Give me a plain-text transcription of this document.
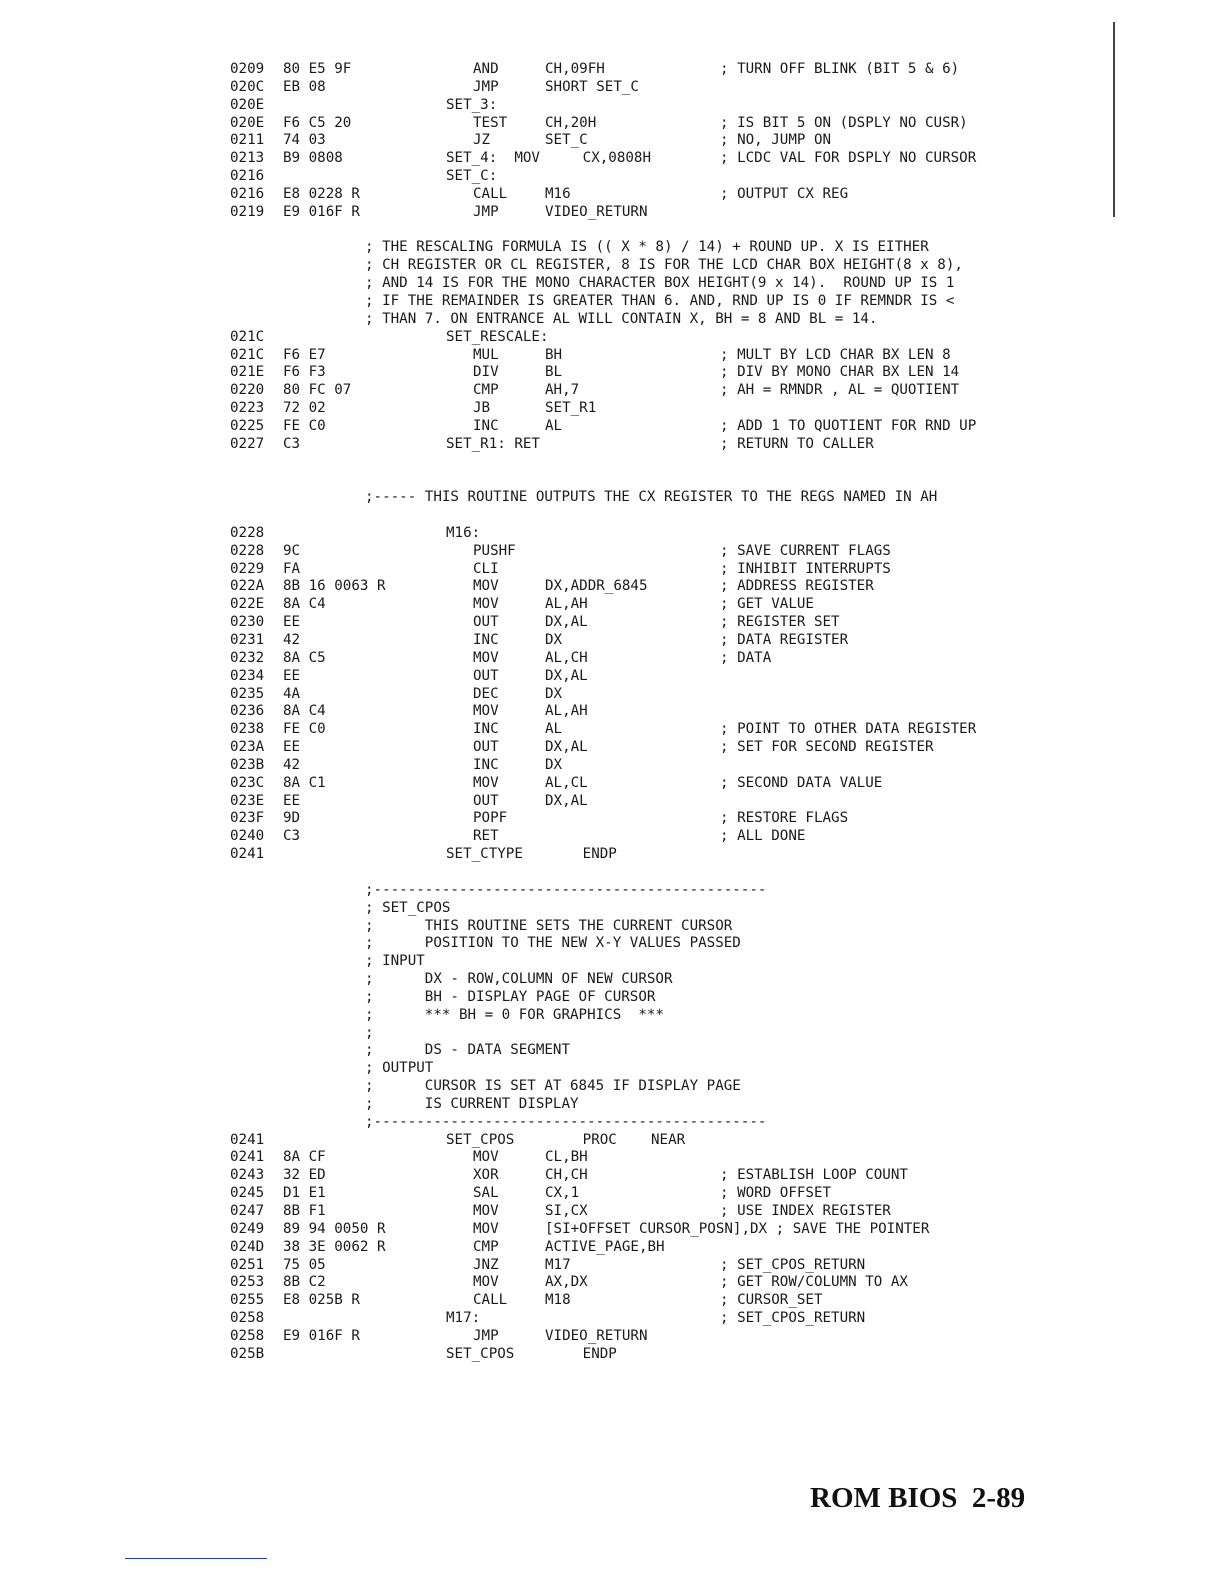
0209 80 E5 9F	AND	CH,09FH	; TURN OFF BLINK (BIT 5 & 6)
020C EB 08	JMP	SHORT SET_C
020E	SET_3:
020E F6 C5 20	TEST	CH,20H	; IS BIT 5 ON (DSPLY NO CUSR)
0211 74 03	JZ	SET_C	; NO, JUMP ON
0213 B9 0808	SET_4:  MOV     CX,0808H	; LCDC VAL FOR DSPLY NO CURSOR
0216	SET_C:
0216 E8 0228 R	CALL	M16	; OUTPUT CX REG
0219 E9 016F R	JMP	VIDEO_RETURN
; THE RESCALING FORMULA IS (( X * 8) / 14) + ROUND UP. X IS EITHER
; CH REGISTER OR CL REGISTER, 8 IS FOR THE LCD CHAR BOX HEIGHT(8 x 8),
; AND 14 IS FOR THE MONO CHARACTER BOX HEIGHT(9 x 14).  ROUND UP IS 1
; IF THE REMAINDER IS GREATER THAN 6. AND, RND UP IS 0 IF REMNDR IS <
; THAN 7. ON ENTRANCE AL WILL CONTAIN X, BH = 8 AND BL = 14.
021C	SET_RESCALE:
021C F6 E7	MUL	BH	; MULT BY LCD CHAR BX LEN 8
021E F6 F3	DIV	BL	; DIV BY MONO CHAR BX LEN 14
0220 80 FC 07	CMP	AH,7	; AH = RMNDR , AL = QUOTIENT
0223 72 02	JB	SET_R1
0225 FE C0	INC	AL	; ADD 1 TO QUOTIENT FOR RND UP
0227 C3	SET_R1: RET	; RETURN TO CALLER
;----- THIS ROUTINE OUTPUTS THE CX REGISTER TO THE REGS NAMED IN AH
0228	M16:
0228 9C	PUSHF	; SAVE CURRENT FLAGS
0229 FA	CLI	; INHIBIT INTERRUPTS
022A 8B 16 0063 R	MOV	DX,ADDR_6845	; ADDRESS REGISTER
022E 8A C4	MOV	AL,AH	; GET VALUE
0230 EE	OUT	DX,AL	; REGISTER SET
0231 42	INC	DX	; DATA REGISTER
0232 8A C5	MOV	AL,CH	; DATA
0234 EE	OUT	DX,AL
0235 4A	DEC	DX
0236 8A C4	MOV	AL,AH
0238 FE C0	INC	AL	; POINT TO OTHER DATA REGISTER
023A EE	OUT	DX,AL	; SET FOR SECOND REGISTER
023B 42	INC	DX
023C 8A C1	MOV	AL,CL	; SECOND DATA VALUE
023E EE	OUT	DX,AL
023F 9D	POPF	; RESTORE FLAGS
0240 C3	RET	; ALL DONE
0241	SET_CTYPE       ENDP
;----------------------------------------------
; SET_CPOS
;      THIS ROUTINE SETS THE CURRENT CURSOR
;      POSITION TO THE NEW X-Y VALUES PASSED
; INPUT
;      DX - ROW,COLUMN OF NEW CURSOR
;      BH - DISPLAY PAGE OF CURSOR
;      *** BH = 0 FOR GRAPHICS  ***
;
;      DS - DATA SEGMENT
; OUTPUT
;      CURSOR IS SET AT 6845 IF DISPLAY PAGE
;      IS CURRENT DISPLAY
;----------------------------------------------
0241	SET_CPOS        PROC    NEAR
0241 8A CF	MOV	CL,BH
0243 32 ED	XOR	CH,CH	; ESTABLISH LOOP COUNT
0245 D1 E1	SAL	CX,1	; WORD OFFSET
0247 8B F1	MOV	SI,CX	; USE INDEX REGISTER
0249 89 94 0050 R	MOV	[SI+OFFSET CURSOR_POSN],DX ; SAVE THE POINTER
024D 38 3E 0062 R	CMP	ACTIVE_PAGE,BH
0251 75 05	JNZ	M17	; SET_CPOS_RETURN
0253 8B C2	MOV	AX,DX	; GET ROW/COLUMN TO AX
0255 E8 025B R	CALL	M18	; CURSOR_SET
0258	M17:	; SET_CPOS_RETURN
0258 E9 016F R	JMP	VIDEO_RETURN
025B	SET_CPOS        ENDP
ROM BIOS  2-89
